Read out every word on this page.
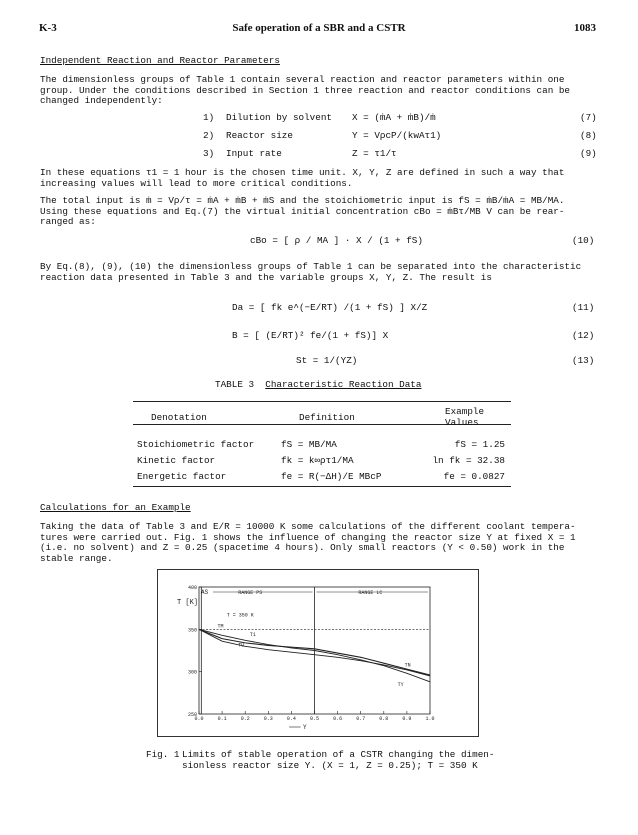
K-3	Safe operation of a SBR and a CSTR	1083
Independent Reaction and Reactor Parameters
The dimensionless groups of Table 1 contain several reaction and reactor parameters within one
group. Under the conditions described in Section 1 three reaction and reactor conditions can be
changed independently:
1) Dilution by solvent X = (ṁA + ṁB)/ṁ	(7)
2) Reactor size	Y = VρcP/(kwAτ1)	(8)
3) Input rate	Z = τ1/τ	(9)
In these equations τ1 = 1 hour is the chosen time unit. X, Y, Z are defined in such a way that
increasing values will lead to more critical conditions.
The total input is ṁ = Vρ/τ = ṁA + ṁB + ṁS and the stoichiometric input is fS = ṁB/ṁA = MB/MA.
Using these equations and Eq.(7) the virtual initial concentration cBo = ṁBτ/MB V can be rear-
ranged as:
cBo = [ ρ / MA ] · X / (1 + fS)	(10)
By Eq.(8), (9), (10) the dimensionless groups of Table 1 can be separated into the characteristic
reaction data presented in Table 3 and the variable groups X, Y, Z. The result is
Da = [ fk e^(−E/RT) /(1 + fS) ] X/Z	(11)
B = [ (E/RT)² fe/(1 + fS)] X	(12)
St = 1/(YZ)	(13)
TABLE 3 Characteristic Reaction Data
Denotation	Definition	Example Values

Stoichiometric factor	fS = MB/MA	fS = 1.25
Kinetic factor	fk = k∞ρτ1/MA	ln fk = 32.38
Energetic factor	fe = R(−ΔH)/E MBcP	fe = 0.0827
Calculations for an Example
Taking the data of Table 3 and E/R = 10000 K some calculations of the different coolant tempera-
tures were carried out. Fig. 1 shows the influence of changing the reactor size Y at fixed X = 1
(i.e. no solvent) and Z = 0.25 (spacetime 4 hours). Only small reactors (Y < 0.50) work in the
stable range.
0.0	0.1	0.2	0.3	0.4	0.5	0.6	0.7	0.8	0.9	1.0
400
350
300
250
T [K]
Y
AS	RANGE PS	RANGE LC
T = 350 K
TM
T1
TU
TN
TY
Fig. 1 Limits of stable operation of a CSTR changing the dimen-
sionless reactor size Y. (X = 1, Z = 0.25); T = 350 K
